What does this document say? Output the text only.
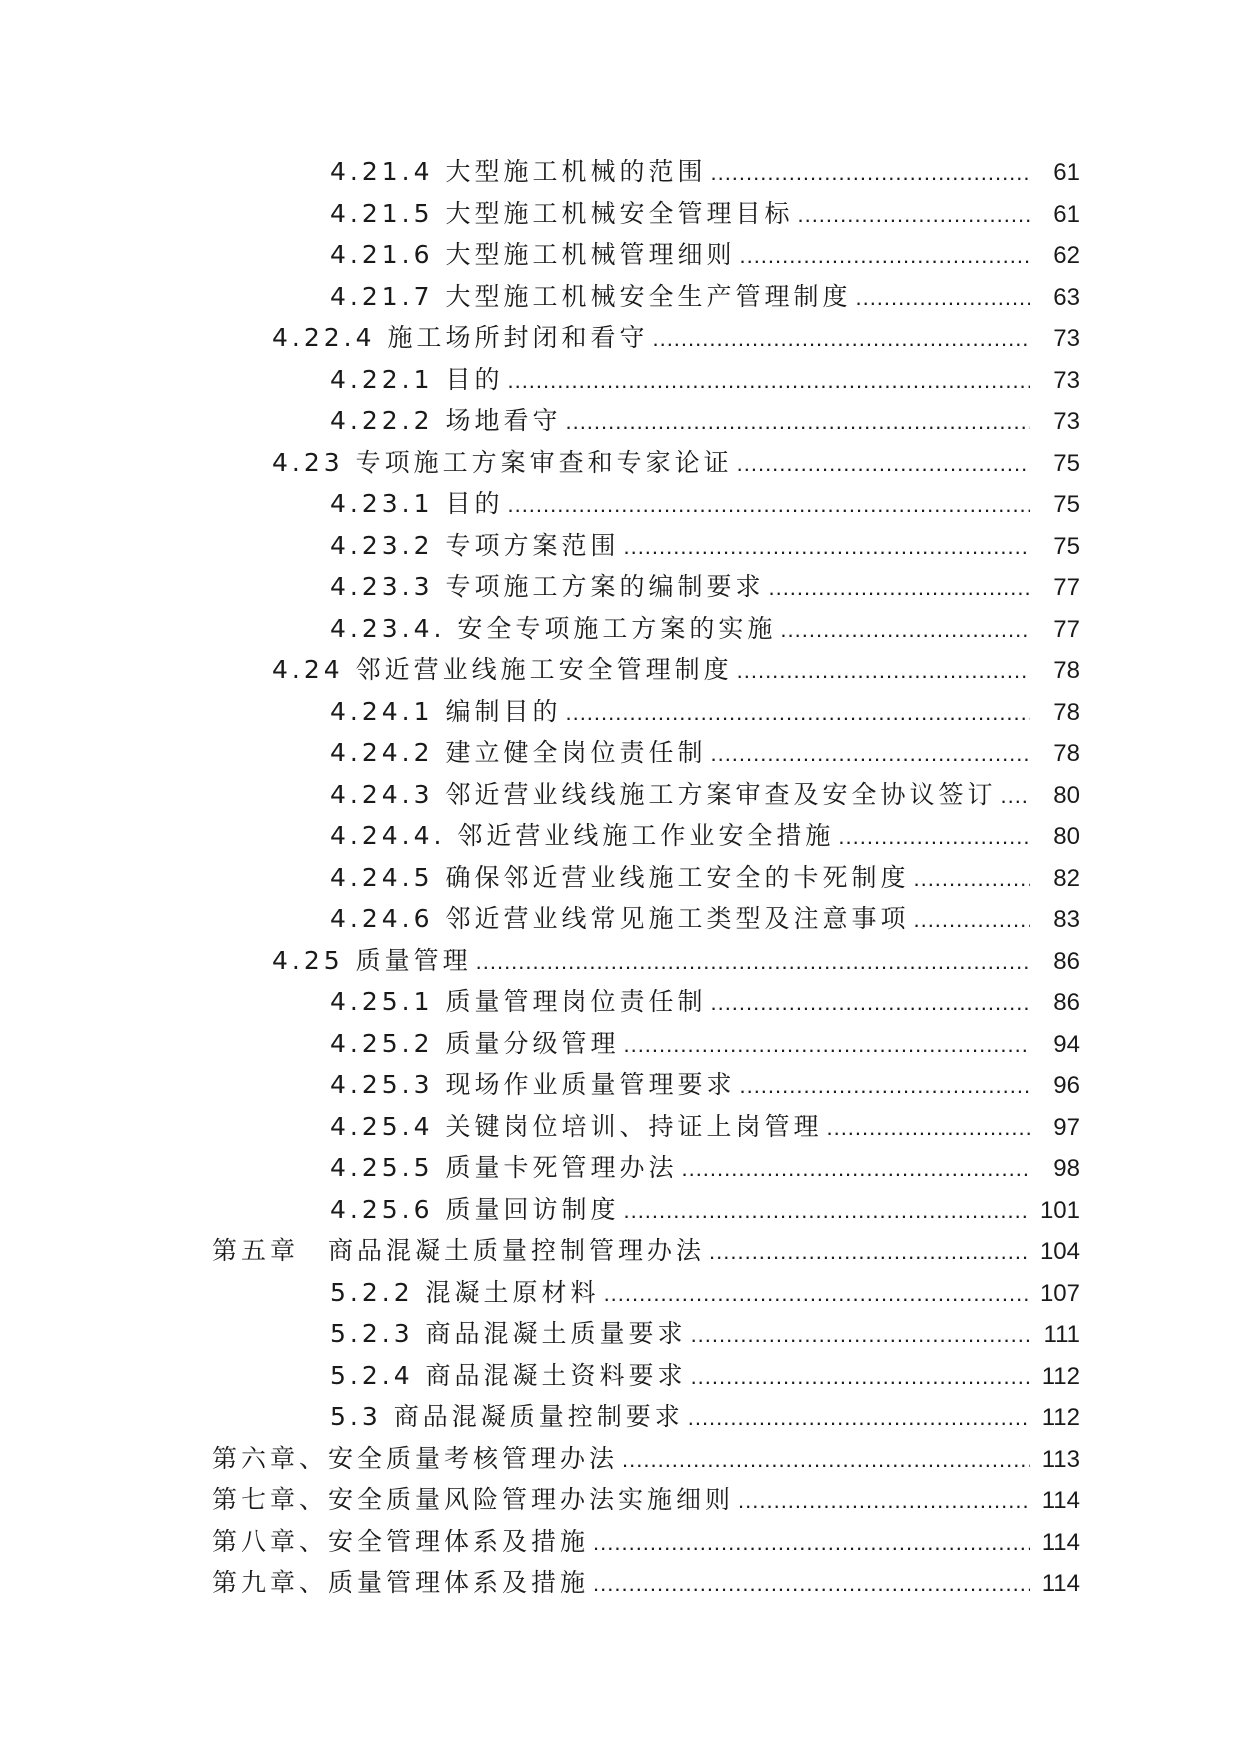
4.21.4 大型施工机械的范围 .....	61
4.21.5 大型施工机械安全管理目标 .....	61
4.21.6 大型施工机械管理细则 .....	62
4.21.7 大型施工机械安全生产管理制度 .....	63
4.22.4 施工场所封闭和看守 .....	73
4.22.1 目的 .....	73
4.22.2 场地看守 .....	73
4.23 专项施工方案审查和专家论证 .....	75
4.23.1 目的 .....	75
4.23.2 专项方案范围 .....	75
4.23.3 专项施工方案的编制要求 .....	77
4.23.4. 安全专项施工方案的实施 .....	77
4.24 邻近营业线施工安全管理制度 .....	78
4.24.1 编制目的 .....	78
4.24.2 建立健全岗位责任制 .....	78
4.24.3 邻近营业线线施工方案审查及安全协议签订 .....	80
4.24.4. 邻近营业线施工作业安全措施 .....	80
4.24.5 确保邻近营业线施工安全的卡死制度 .....	82
4.24.6 邻近营业线常见施工类型及注意事项 .....	83
4.25 质量管理 .....	86
4.25.1 质量管理岗位责任制 .....	86
4.25.2 质量分级管理 .....	94
4.25.3 现场作业质量管理要求 .....	96
4.25.4 关键岗位培训、持证上岗管理 .....	97
4.25.5 质量卡死管理办法 .....	98
4.25.6 质量回访制度 .....	101
第五章　商品混凝土质量控制管理办法 .....	104
5.2.2 混凝土原材料 .....	107
5.2.3 商品混凝土质量要求 .....	111
5.2.4 商品混凝土资料要求 .....	112
5.3 商品混凝质量控制要求 .....	112
第六章、安全质量考核管理办法 .....	113
第七章、安全质量风险管理办法实施细则 .....	114
第八章、安全管理体系及措施 .....	114
第九章、质量管理体系及措施 .....	114
